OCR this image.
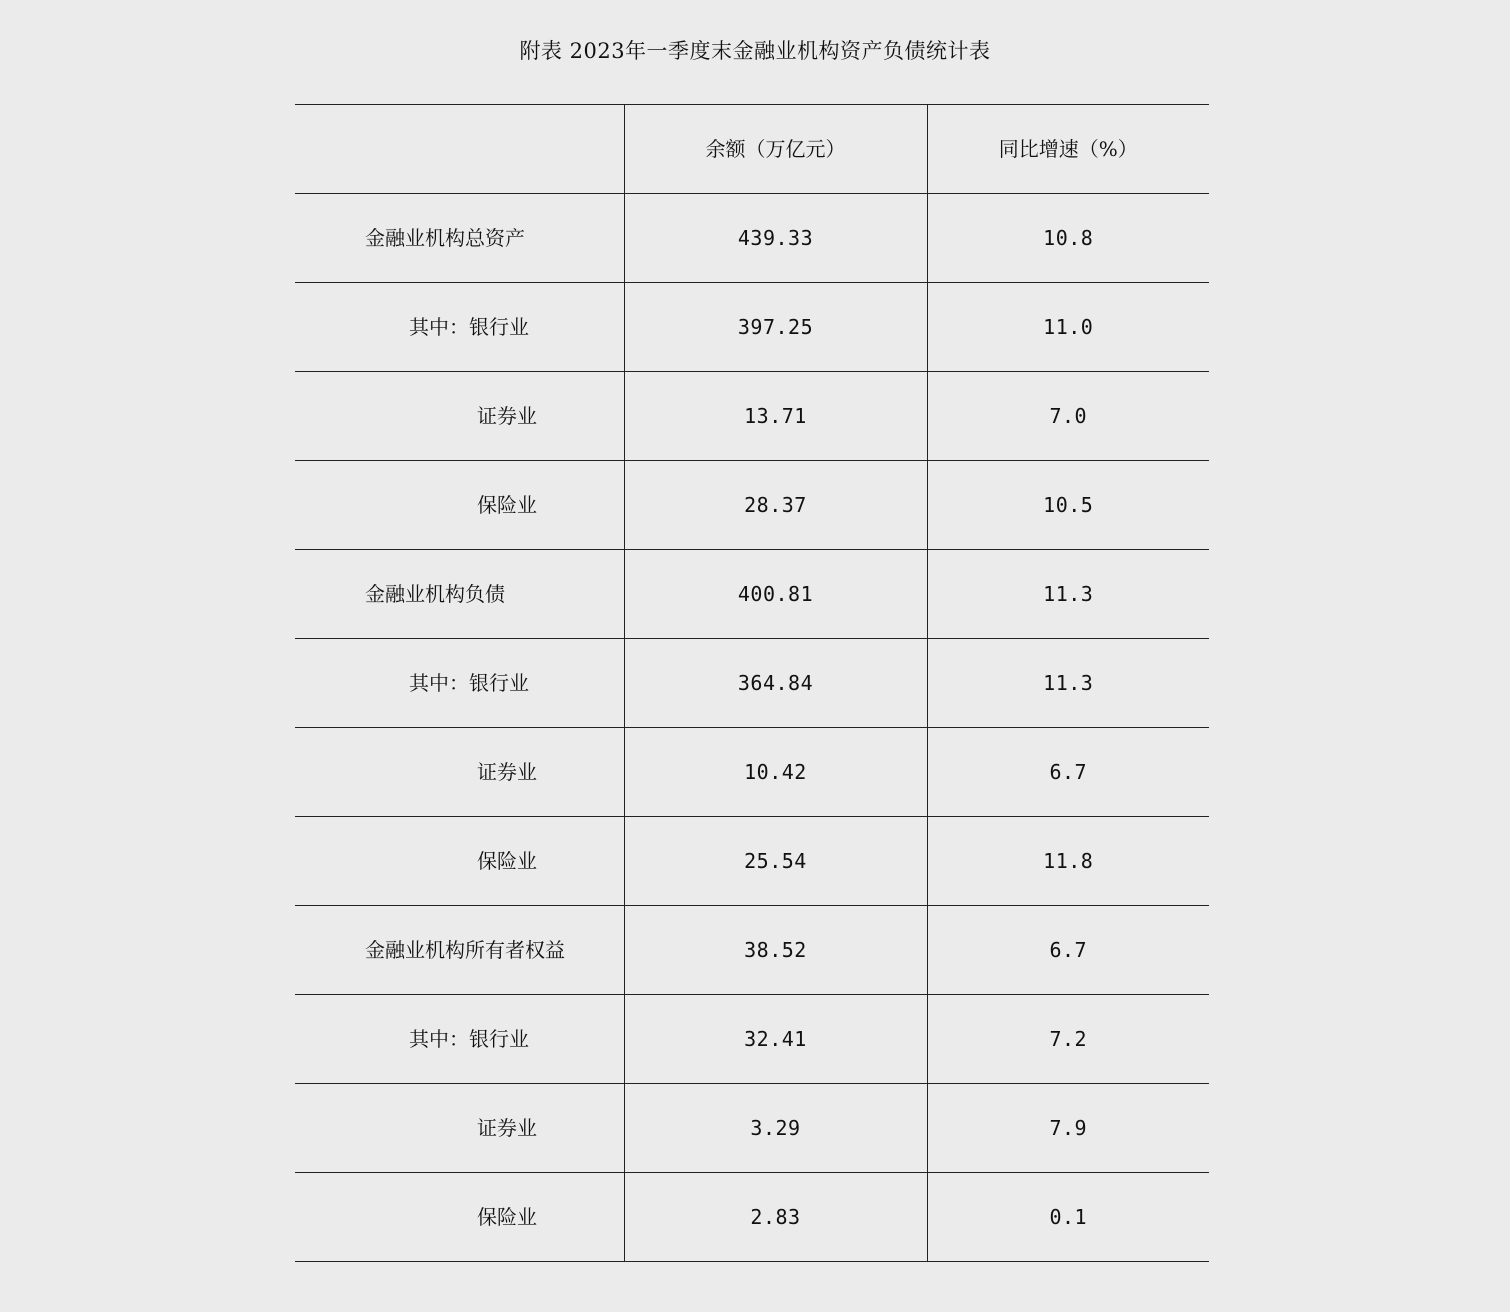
附表 2023年一季度末金融业机构资产负债统计表
	余额（万亿元）	同比增速（%）
金融业机构总资产	439.33	10.8
其中：银行业	397.25	11.0
证券业	13.71	7.0
保险业	28.37	10.5
金融业机构负债	400.81	11.3
其中：银行业	364.84	11.3
证券业	10.42	6.7
保险业	25.54	11.8
金融业机构所有者权益	38.52	6.7
其中：银行业	32.41	7.2
证券业	3.29	7.9
保险业	2.83	0.1
